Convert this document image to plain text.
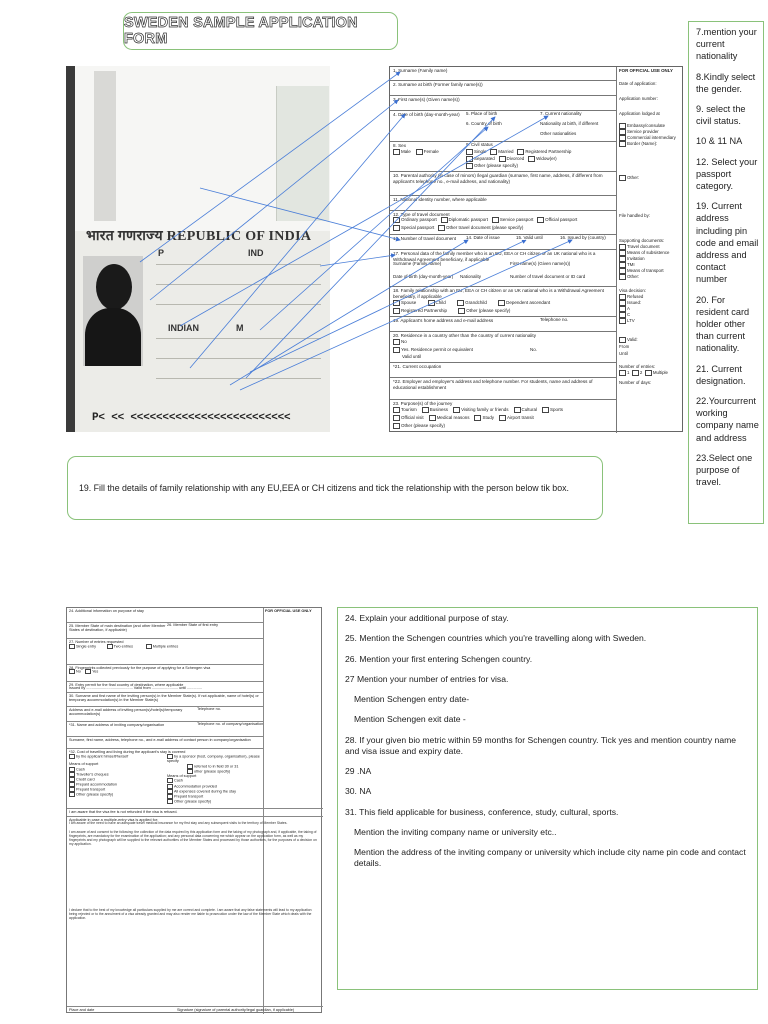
SWEDEN SAMPLE APPLICATION FORM
भारत गणराज्य REPUBLIC OF INDIA
P	IND
INDIAN	M
P< << <<<<<<<<<<<<<<<<<<<<<<<<<
FOR OFFICIAL USE ONLY
1. Surname (Family name)
2. Surname at birth (Former family name(s))
3. First name(s) (Given name(s))
4. Date of birth (day-month-year) 5. Place of birth
6. Country of birth
7. Current nationality
Nationality at birth, if different
Other nationalities
8. Sex
Male	Female
9. Civil status
Single	Married	Registered Partnership
Separated	Divorced	Widow(er)
Other (please specify)
10. Parental authority (in case of minors) /legal guardian (surname, first name, address, if different from applicant's telephone no., e-mail address, and nationality)
11. National identity number, where applicable
12. Type of travel document
Ordinary passport	Diplomatic passport	Service passport	Official passport
Special passport	Other travel document (please specify)
13. Number of travel document 14. Date of issue	15. Valid until	16. Issued by (country)
17. Personal data of the family member who is an EU, EEA or CH citizen or an UK national who is a Withdrawal Agreement beneficiary, if applicable
Surname (Family name)	First name(s) (Given name(s))
Date of birth (day-month-year) Nationality	Number of travel document or ID card
18. Family relationship with an EU, EEA or CH citizen or an UK national who is a Withdrawal Agreement beneficiary, if applicable
Spouse	Child	Grandchild	Dependent ascendant
Registered Partnership	Other (please specify)
19. Applicant's home address and e-mail address	Telephone no.
20. Residence in a country other than the country of current nationality
No
Yes. Residence permit or equivalent	No.
Valid until
*21. Current occupation
*22. Employer and employer's address and telephone number. For students, name and address of educational establishment
23. Purpose(s) of the journey
Tourism	Business	Visiting family or friends	Cultural	Sports
Official visit	Medical reasons	Study	Airport transit
Other (please specify)
Date of application:
Application number:
Application lodged at
Embassy/consulate
Service provider
Commercial intermediary
Border (Name):
Other:
File handled by:
Supporting documents:
Travel document
Means of subsistence
Invitation
TMI
Means of transport
Other:
Visa decision:
Refused
Issued:
A
C
LTV
Valid:
From
Until
Number of entries:
1 2 Multiple
Number of days:

7.mention your current nationality

8.Kindly select the gender.

9. select the civil status.

10 & 11 NA

12. Select your passport category.

19. Current address including pin code and email address and contact number

20. For resident card holder other than current nationality.

21. Current designation.

22.Yourcurrent working company name and address

23.Select one purpose of travel.

19. Fill the details of family relationship with any EU,EEA or CH citizens and tick the relationship with the person below tik box.
FOR OFFICIAL USE ONLY
24. Additional information on purpose of stay
25. Member State of main destination (and other Member States of destination, if applicable)
26. Member State of first entry
27. Number of entries requested
Single entry	Two entries	Multiple entries
28. Fingerprints collected previously for the purpose of applying for a Schengen visa
No	Yes
29. Entry permit for the final country of destination, where applicable
Issued by ............................................ Valid from ......................... until ..............
30. Surname and first name of the inviting person(s) in the Member State(s). If not applicable, name of hotel(s) or temporary accommodation(s) in the Member State(s)
Address and e-mail address of inviting person(s)/hotel(s)/temporary accommodation(s)
Telephone no.
*31. Name and address of inviting company/organisation	Telephone no. of company/organisation
Surname, first name, address, telephone no., and e-mail address of contact person in company/organisation
*32. Cost of travelling and living during the applicant's stay is covered
by the applicant himself/herself
Means of support
Cash
Traveller's cheques
Credit card
Prepaid accommodation
Prepaid transport
Other (please specify)
by a sponsor (host, company, organisation), please specify
referred to in field 30 or 31
other (please specify)
Means of support
Cash
Accommodation provided
All expenses covered during the stay
Prepaid transport
Other (please specify)
I am aware that the visa fee is not refunded if the visa is refused.
Applicable in case a multiple-entry visa is applied for:
I am aware of the need to have an adequate travel medical insurance for my first stay and any subsequent visits to the territory of Member States.
I am aware of and consent to the following: the collection of the data required by this application form and the taking of my photograph and, if applicable, the taking of fingerprints, are mandatory for the examination of the application; and any personal data concerning me which appear on the application form, as well as my fingerprints and my photograph will be supplied to the relevant authorities of the Member States and processed by those authorities, for the purposes of a decision on my application.
I declare that to the best of my knowledge all particulars supplied by me are correct and complete. I am aware that any false statements will lead to my application being rejected or to the annulment of a visa already granted and may also render me liable to prosecution under the law of the Member State which deals with the application.
Place and date	Signature (signature of parental authority/legal guardian, if applicable)

24. Explain your additional purpose of stay.

25. Mention the Schengen countries which you're travelling along with Sweden.

26. Mention your first entering Schengen country.

27 Mention your number of entries for visa.

Mention Schengen entry date-

Mention Schengen exit date -

28. If your given bio metric within 59 months for Schengen country. Tick yes and mention country name and visa issue and expiry date.

29 .NA

30. NA

31. This field applicable for business, conference, study, cultural, sports.

Mention the inviting company name or university etc..

Mention the address of the inviting company or university which include city name pin code and contact details.
